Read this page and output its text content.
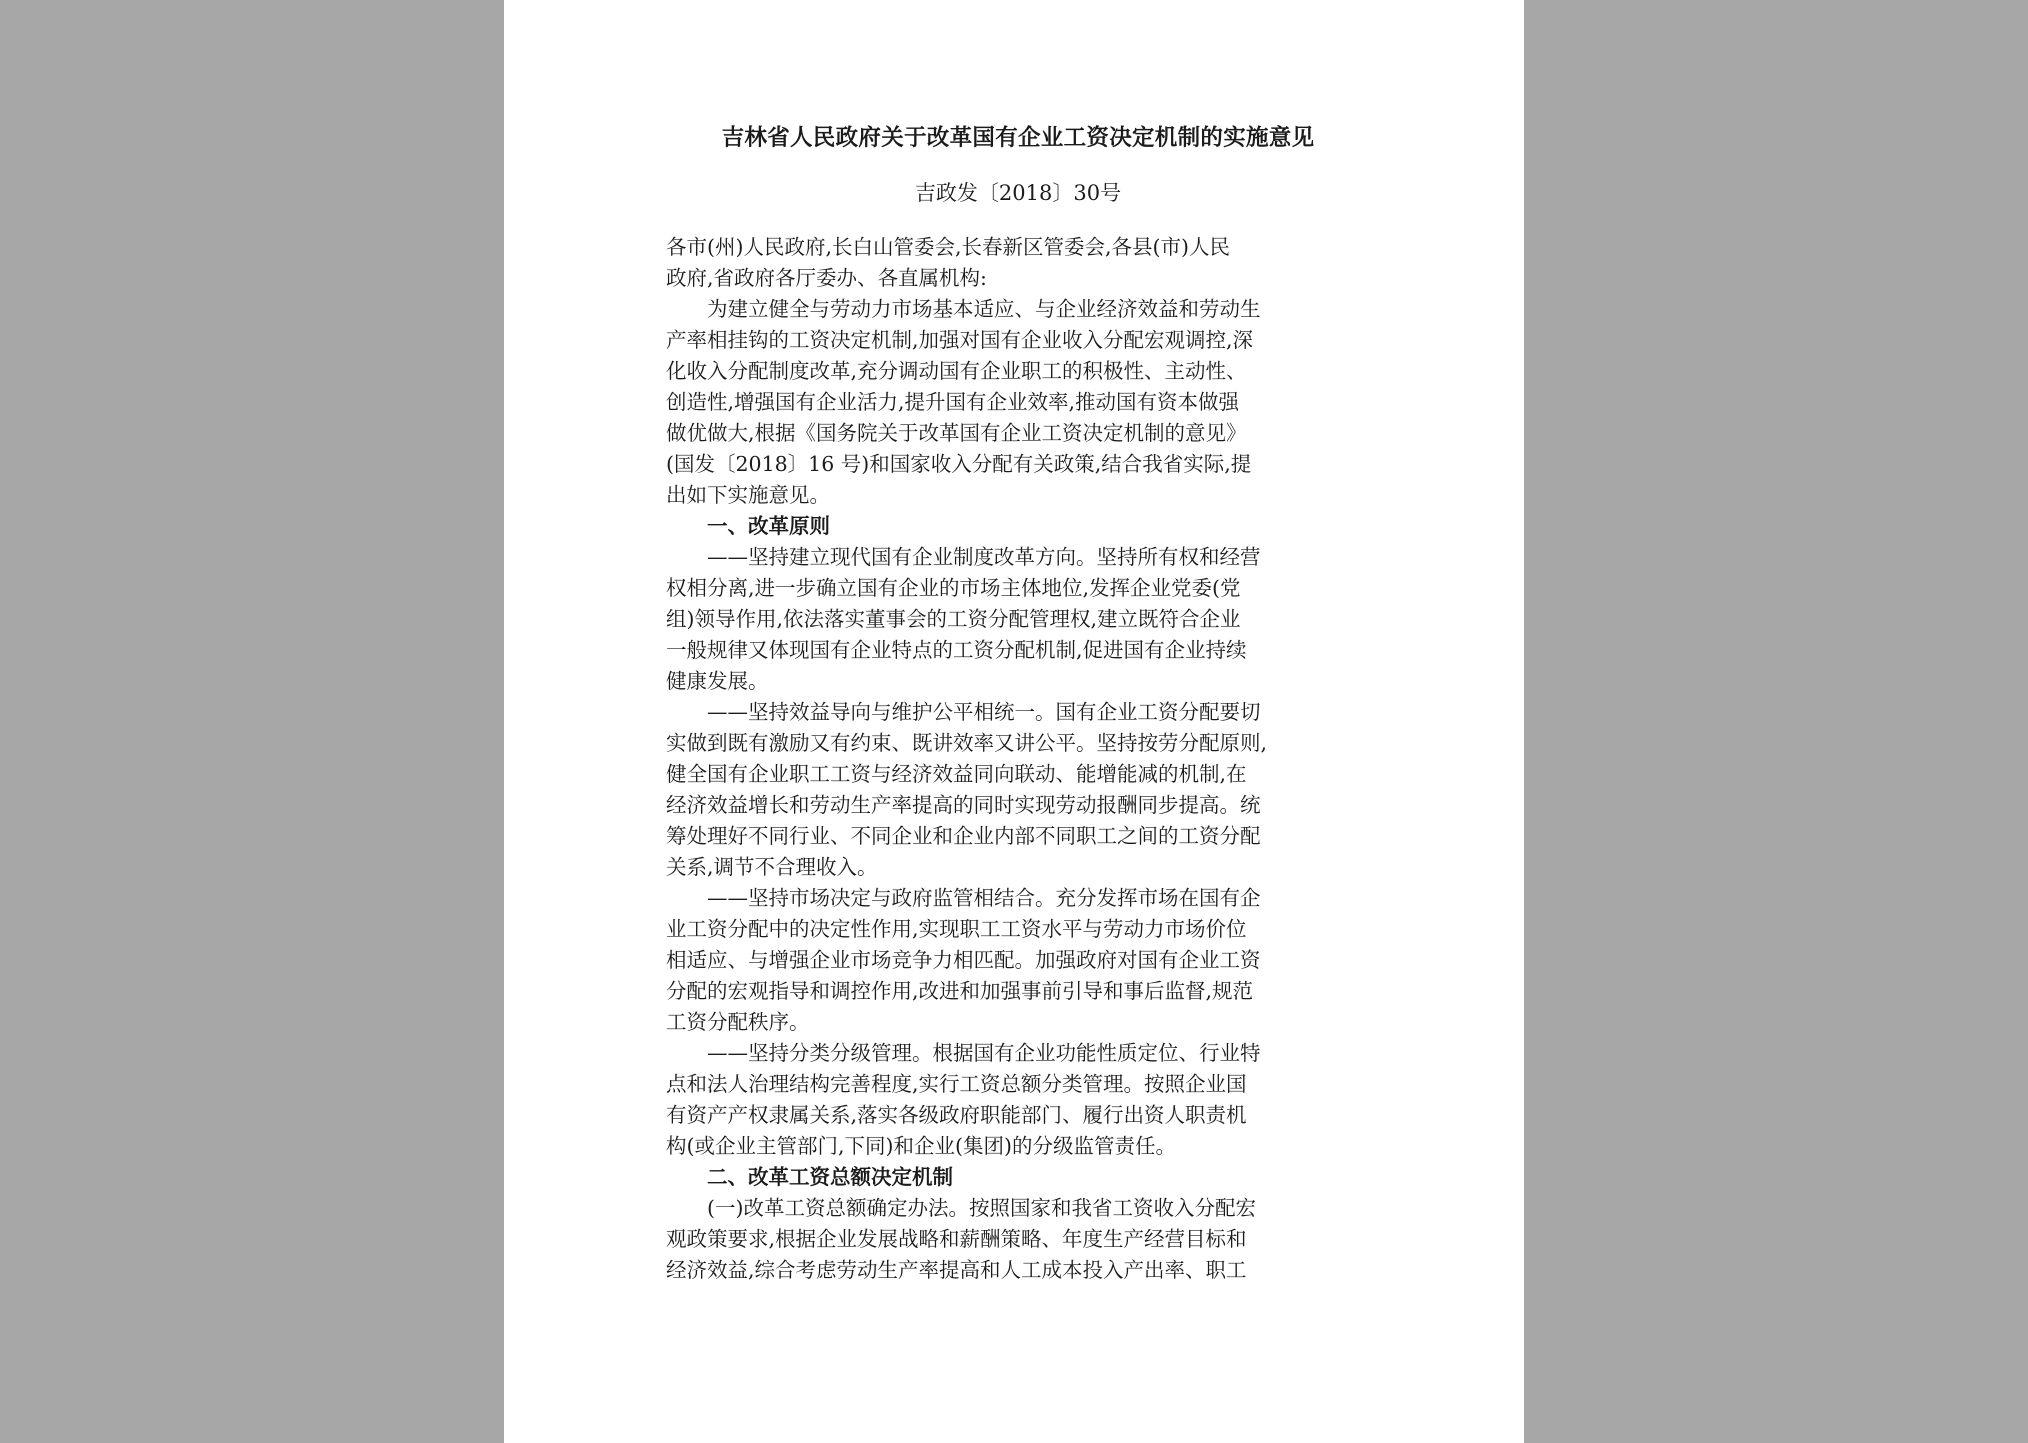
吉林省人民政府关于改革国有企业工资决定机制的实施意见
吉政发〔2018〕30号
各市(州)人民政府,长白山管委会,长春新区管委会,各县(市)人民
政府,省政府各厅委办、各直属机构:
为建立健全与劳动力市场基本适应、与企业经济效益和劳动生
产率相挂钩的工资决定机制,加强对国有企业收入分配宏观调控,深
化收入分配制度改革,充分调动国有企业职工的积极性、主动性、
创造性,增强国有企业活力,提升国有企业效率,推动国有资本做强
做优做大,根据《国务院关于改革国有企业工资决定机制的意见》
(国发〔2018〕16 号)和国家收入分配有关政策,结合我省实际,提
出如下实施意见。
一、改革原则
——坚持建立现代国有企业制度改革方向。坚持所有权和经营
权相分离,进一步确立国有企业的市场主体地位,发挥企业党委(党
组)领导作用,依法落实董事会的工资分配管理权,建立既符合企业
一般规律又体现国有企业特点的工资分配机制,促进国有企业持续
健康发展。
——坚持效益导向与维护公平相统一。国有企业工资分配要切
实做到既有激励又有约束、既讲效率又讲公平。坚持按劳分配原则,
健全国有企业职工工资与经济效益同向联动、能增能减的机制,在
经济效益增长和劳动生产率提高的同时实现劳动报酬同步提高。统
筹处理好不同行业、不同企业和企业内部不同职工之间的工资分配
关系,调节不合理收入。
——坚持市场决定与政府监管相结合。充分发挥市场在国有企
业工资分配中的决定性作用,实现职工工资水平与劳动力市场价位
相适应、与增强企业市场竞争力相匹配。加强政府对国有企业工资
分配的宏观指导和调控作用,改进和加强事前引导和事后监督,规范
工资分配秩序。
——坚持分类分级管理。根据国有企业功能性质定位、行业特
点和法人治理结构完善程度,实行工资总额分类管理。按照企业国
有资产产权隶属关系,落实各级政府职能部门、履行出资人职责机
构(或企业主管部门,下同)和企业(集团)的分级监管责任。
二、改革工资总额决定机制
(一)改革工资总额确定办法。按照国家和我省工资收入分配宏
观政策要求,根据企业发展战略和薪酬策略、年度生产经营目标和
经济效益,综合考虑劳动生产率提高和人工成本投入产出率、职工
